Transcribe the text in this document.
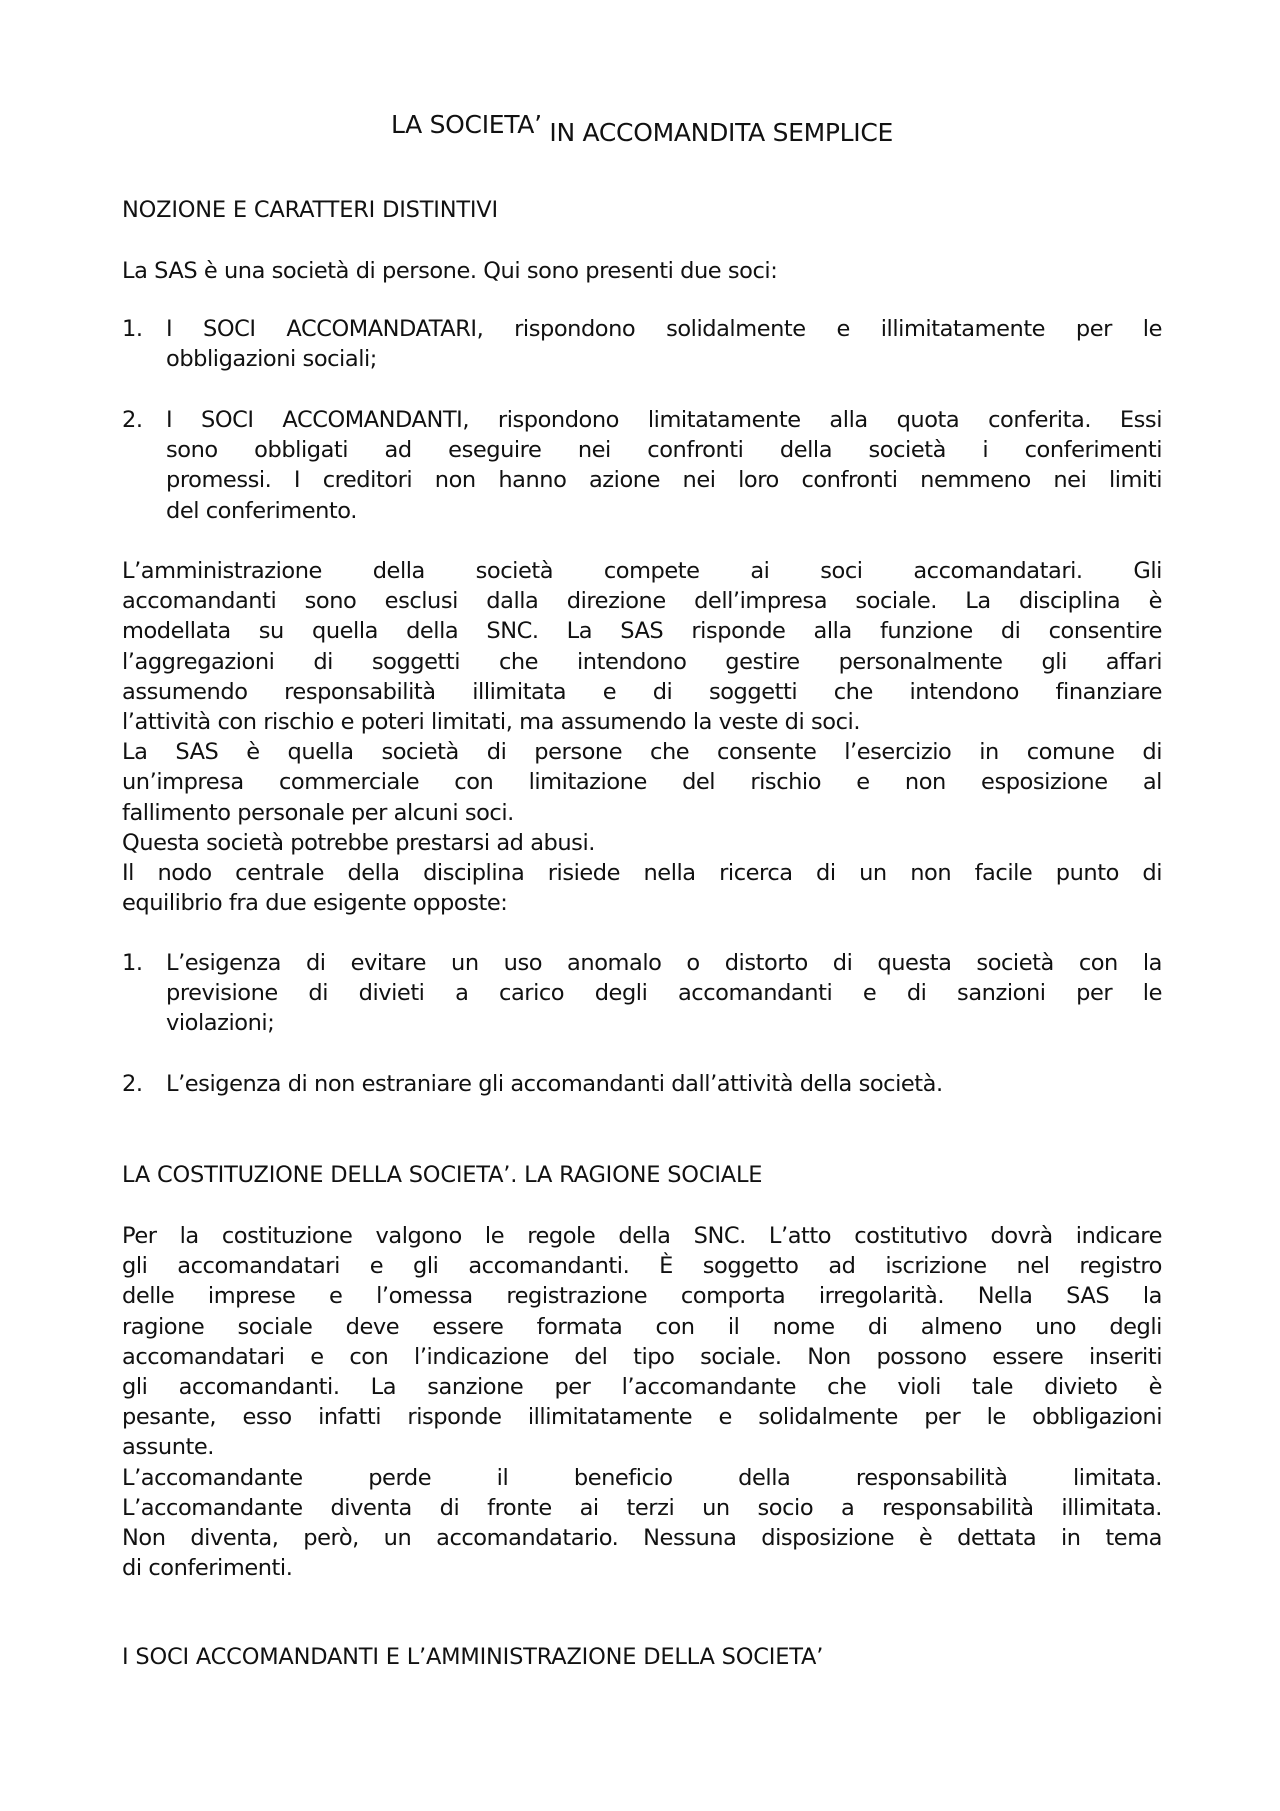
LA SOCIETA’ IN ACCOMANDITA SEMPLICE
NOZIONE E CARATTERI DISTINTIVI
La SAS è una società di persone. Qui sono presenti due soci:
1. I SOCI ACCOMANDATARI, rispondono solidalmente e illimitatamente per le
obbligazioni sociali;
2. I SOCI ACCOMANDANTI, rispondono limitatamente alla quota conferita. Essi
sono obbligati ad eseguire nei confronti della società i conferimenti
promessi. I creditori non hanno azione nei loro confronti nemmeno nei limiti
del conferimento.
L’amministrazione della società compete ai soci accomandatari. Gli
accomandanti sono esclusi dalla direzione dell’impresa sociale. La disciplina è
modellata su quella della SNC. La SAS risponde alla funzione di consentire
l’aggregazioni di soggetti che intendono gestire personalmente gli affari
assumendo responsabilità illimitata e di soggetti che intendono finanziare
l’attività con rischio e poteri limitati, ma assumendo la veste di soci.
La SAS è quella società di persone che consente l’esercizio in comune di
un’impresa commerciale con limitazione del rischio e non esposizione al
fallimento personale per alcuni soci.
Questa società potrebbe prestarsi ad abusi.
Il nodo centrale della disciplina risiede nella ricerca di un non facile punto di
equilibrio fra due esigente opposte:
1. L’esigenza di evitare un uso anomalo o distorto di questa società con la
previsione di divieti a carico degli accomandanti e di sanzioni per le
violazioni;
2. L’esigenza di non estraniare gli accomandanti dall’attività della società.
LA COSTITUZIONE DELLA SOCIETA’. LA RAGIONE SOCIALE
Per la costituzione valgono le regole della SNC. L’atto costitutivo dovrà indicare
gli accomandatari e gli accomandanti. È soggetto ad iscrizione nel registro
delle imprese e l’omessa registrazione comporta irregolarità. Nella SAS la
ragione sociale deve essere formata con il nome di almeno uno degli
accomandatari e con l’indicazione del tipo sociale. Non possono essere inseriti
gli accomandanti. La sanzione per l’accomandante che violi tale divieto è
pesante, esso infatti risponde illimitatamente e solidalmente per le obbligazioni
assunte.
L’accomandante perde il beneficio della responsabilità limitata.
L’accomandante diventa di fronte ai terzi un socio a responsabilità illimitata.
Non diventa, però, un accomandatario. Nessuna disposizione è dettata in tema
di conferimenti.
I SOCI ACCOMANDANTI E L’AMMINISTRAZIONE DELLA SOCIETA’
